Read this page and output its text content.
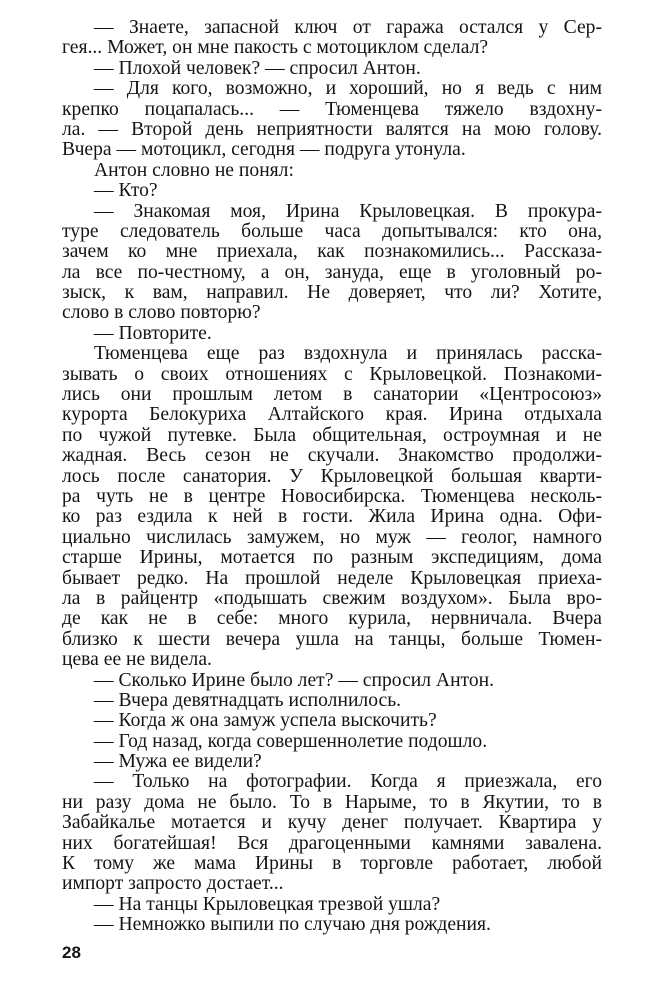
— Знаете, запасной ключ от гаража остался у Сер-
гея... Может, он мне пакость с мотоциклом сделал?
— Плохой человек? — спросил Антон.
— Для кого, возможно, и хороший, но я ведь с ним
крепко поцапалась... — Тюменцева тяжело вздохну-
ла. — Второй день неприятности валятся на мою голову.
Вчера — мотоцикл, сегодня — подруга утонула.
Антон словно не понял:
— Кто?
— Знакомая моя, Ирина Крыловецкая. В прокура-
туре следователь больше часа допытывался: кто она,
зачем ко мне приехала, как познакомились... Рассказа-
ла все по-честному, а он, зануда, еще в уголовный ро-
зыск, к вам, направил. Не доверяет, что ли? Хотите,
слово в слово повторю?
— Повторите.
Тюменцева еще раз вздохнула и принялась расска-
зывать о своих отношениях с Крыловецкой. Познакоми-
лись они прошлым летом в санатории «Центросоюз»
курорта Белокуриха Алтайского края. Ирина отдыхала
по чужой путевке. Была общительная, остроумная и не
жадная. Весь сезон не скучали. Знакомство продолжи-
лось после санатория. У Крыловецкой большая кварти-
ра чуть не в центре Новосибирска. Тюменцева несколь-
ко раз ездила к ней в гости. Жила Ирина одна. Офи-
циально числилась замужем, но муж — геолог, намного
старше Ирины, мотается по разным экспедициям, дома
бывает редко. На прошлой неделе Крыловецкая приеха-
ла в райцентр «подышать свежим воздухом». Была вро-
де как не в себе: много курила, нервничала. Вчера
близко к шести вечера ушла на танцы, больше Тюмен-
цева ее не видела.
— Сколько Ирине было лет? — спросил Антон.
— Вчера девятнадцать исполнилось.
— Когда ж она замуж успела выскочить?
— Год назад, когда совершеннолетие подошло.
— Мужа ее видели?
— Только на фотографии. Когда я приезжала, его
ни разу дома не было. То в Нарыме, то в Якутии, то в
Забайкалье мотается и кучу денег получает. Квартира у
них богатейшая! Вся драгоценными камнями завалена.
К тому же мама Ирины в торговле работает, любой
импорт запросто достает...
— На танцы Крыловецкая трезвой ушла?
— Немножко выпили по случаю дня рождения.
28
